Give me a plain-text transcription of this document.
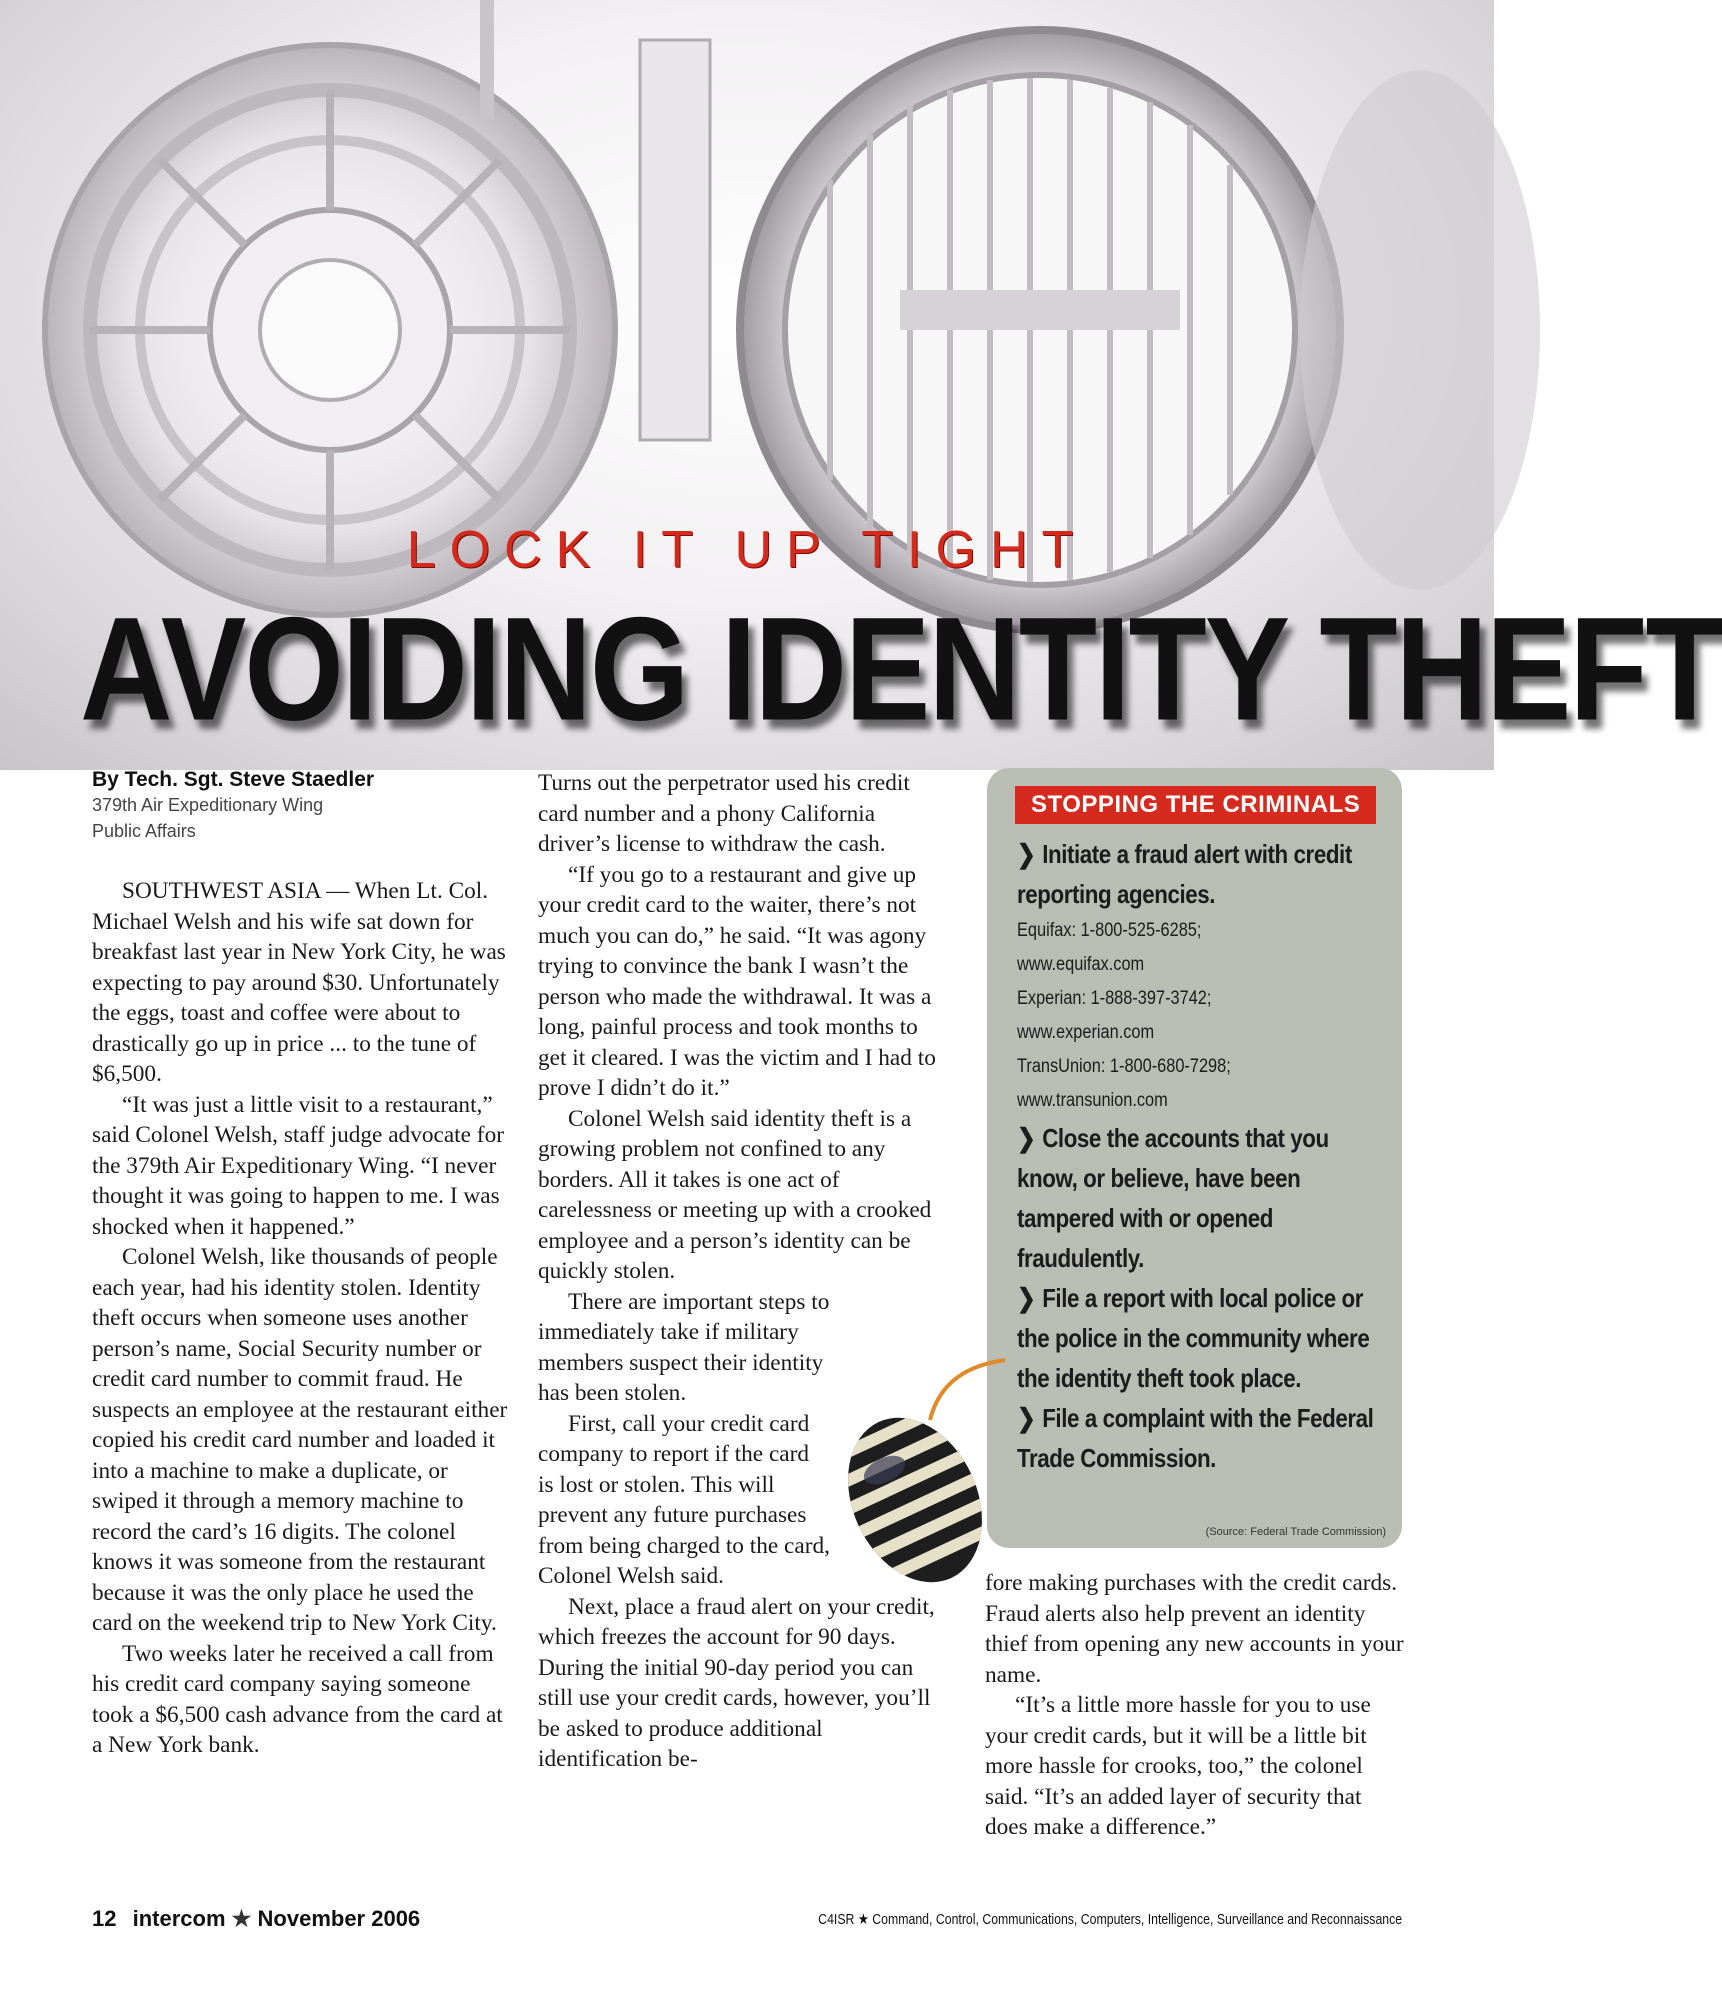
LOCK IT UP TIGHT
AVOIDING IDENTITY THEFT
By Tech. Sgt. Steve Staedler
379th Air Expeditionary Wing
Public Affairs

SOUTHWEST ASIA — When Lt. Col. Michael Welsh and his wife sat down for breakfast last year in New York City, he was expecting to pay around $30. Unfortunately the eggs, toast and coffee were about to drastically go up in price ... to the tune of $6,500.

“It was just a little visit to a restaurant,” said Colonel Welsh, staff judge advocate for the 379th Air Expeditionary Wing. “I never thought it was going to happen to me. I was shocked when it happened.”

Colonel Welsh, like thousands of people each year, had his identity stolen. Identity theft occurs when someone uses another person’s name, Social Security number or credit card number to commit fraud. He suspects an employee at the restaurant either copied his credit card number and loaded it into a machine to make a duplicate, or swiped it through a memory machine to record the card’s 16 digits. The colonel knows it was someone from the restaurant because it was the only place he used the card on the weekend trip to New York City.

Two weeks later he received a call from his credit card company saying someone took a $6,500 cash advance from the card at a New York bank.

Turns out the perpetrator used his credit card number and a phony California driver’s license to withdraw the cash.

“If you go to a restaurant and give up your credit card to the waiter, there’s not much you can do,” he said. “It was agony trying to convince the bank I wasn’t the person who made the withdrawal. It was a long, painful process and took months to get it cleared. I was the victim and I had to prove I didn’t do it.”

Colonel Welsh said identity theft is a growing problem not confined to any borders. All it takes is one act of carelessness or meeting up with a crooked employee and a person’s identity can be quickly stolen.

There are important steps to immediately take if military members suspect their identity has been stolen.

First, call your credit card company to report if the card is lost or stolen. This will prevent any future purchases from being charged to the card, Colonel Welsh said.

Next, place a fraud alert on your credit, which freezes the account for 90 days. During the initial 90-day period you can still use your credit cards, however, you’ll be asked to produce additional identification be-

STOPPING THE CRIMINALS
❯ Initiate a fraud alert with credit reporting agencies.
Equifax: 1-800-525-6285;
www.equifax.com
Experian: 1-888-397-3742;
www.experian.com
TransUnion: 1-800-680-7298;
www.transunion.com
❯ Close the accounts that you know, or believe, have been tampered with or opened fraudulently.
❯ File a report with local police or the police in the community where the identity theft took place.
❯ File a complaint with the Federal Trade Commission.
(Source: Federal Trade Commission)

fore making purchases with the credit cards. Fraud alerts also help prevent an identity thief from opening any new accounts in your name.

“It’s a little more hassle for you to use your credit cards, but it will be a little bit more hassle for crooks, too,” the colonel said. “It’s an added layer of security that does make a difference.”

12 intercom ★ November 2006	C4ISR ★ Command, Control, Communications, Computers, Intelligence, Surveillance and Reconnaissance
